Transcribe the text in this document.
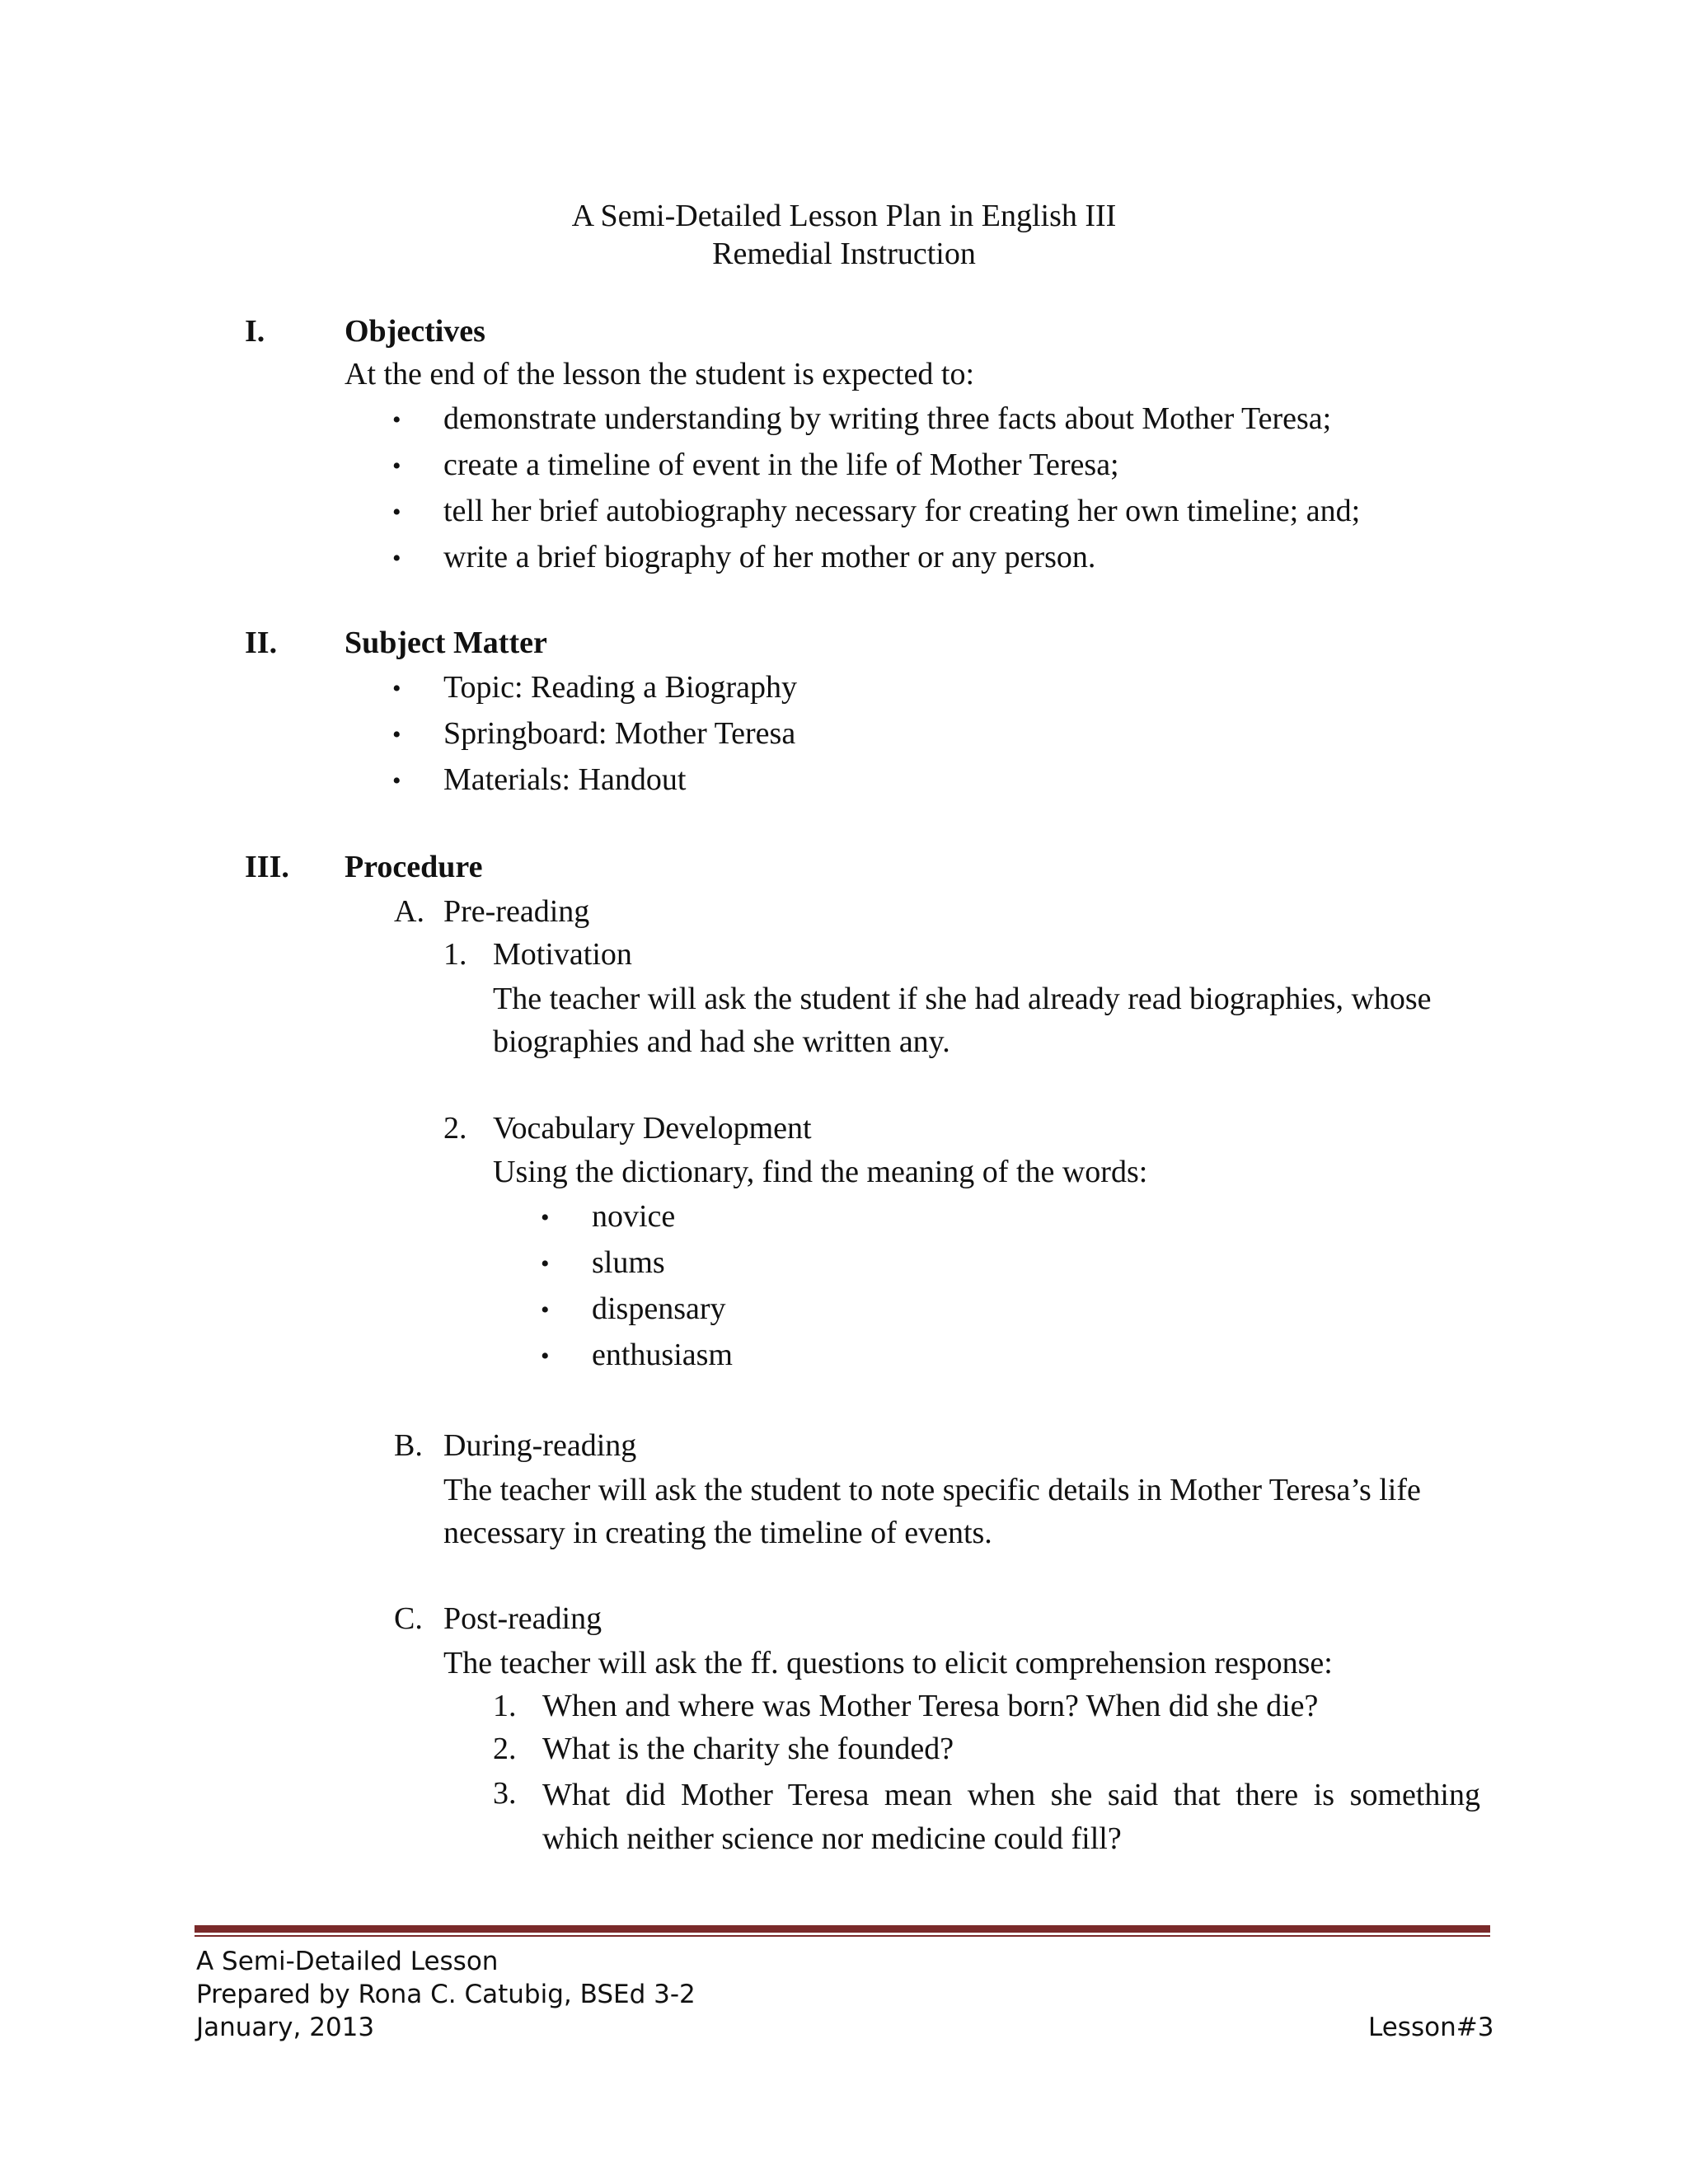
A Semi-Detailed Lesson Plan in English III
Remedial Instruction
I.	Objectives
At the end of the lesson the student is expected to:
• demonstrate understanding by writing three facts about Mother Teresa;
• create a timeline of event in the life of Mother Teresa;
• tell her brief autobiography necessary for creating her own timeline; and;
• write a brief biography of her mother or any person.
II. Subject Matter
• Topic: Reading a Biography
• Springboard: Mother Teresa
• Materials: Handout
III. Procedure
A. Pre-reading
1. Motivation
The teacher will ask the student if she had already read biographies, whose
biographies and had she written any.
2. Vocabulary Development
Using the dictionary, find the meaning of the words:
• novice
• slums
• dispensary
• enthusiasm
B. During-reading
The teacher will ask the student to note specific details in Mother Teresa’s life
necessary in creating the timeline of events.
C. Post-reading
The teacher will ask the ff. questions to elicit comprehension response:
1. When and where was Mother Teresa born? When did she die?
2. What is the charity she founded?
3. What did Mother Teresa mean when she said that there is something which neither science nor medicine could fill?
A Semi-Detailed Lesson
Prepared by Rona C. Catubig, BSEd 3-2
January, 2013	Lesson#3
